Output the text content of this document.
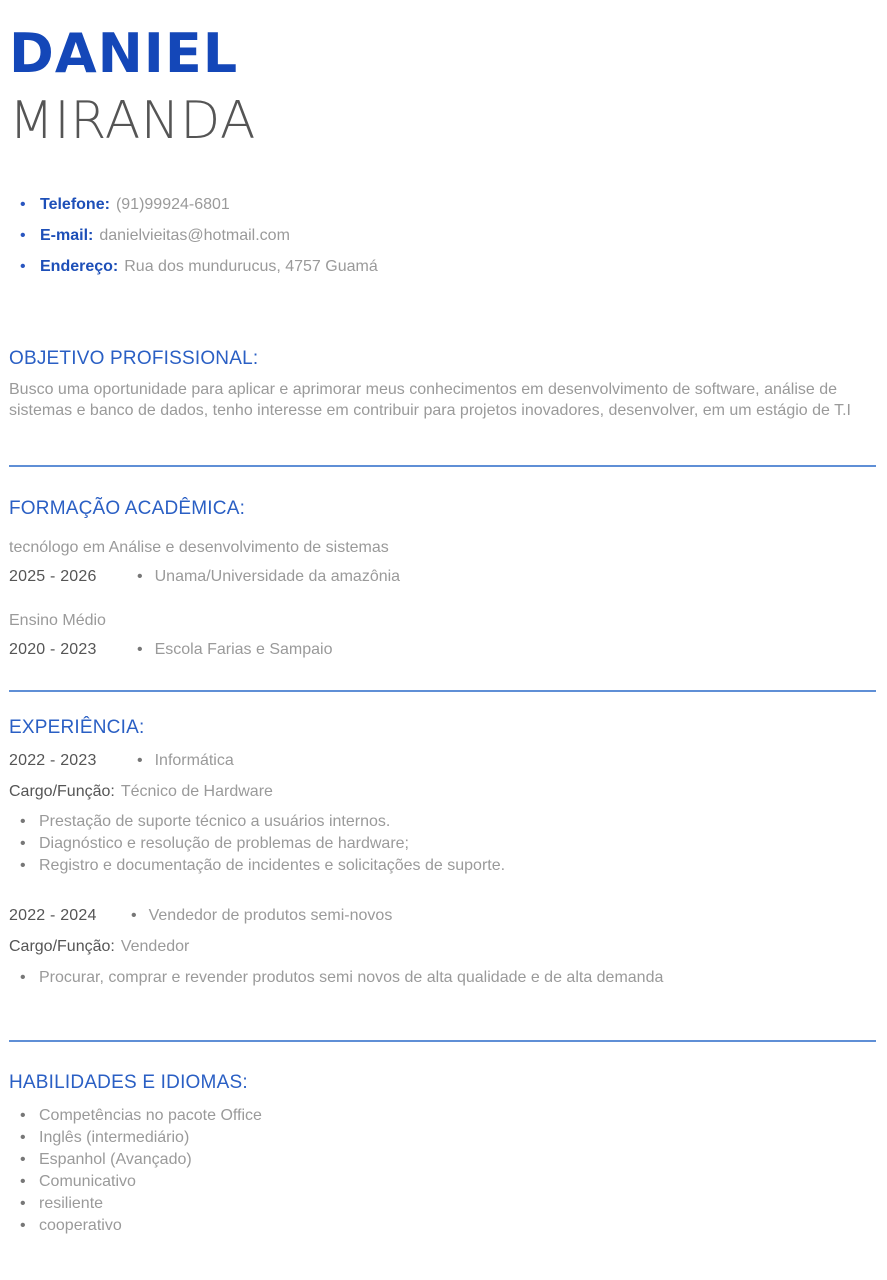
DANIEL
MIRANDA
• Telefone: (91)99924-6801
• E-mail: danielvieitas@hotmail.com
• Endereço: Rua dos mundurucus, 4757 Guamá
OBJETIVO PROFISSIONAL:

Busco uma oportunidade para aplicar e aprimorar meus conhecimentos em desenvolvimento de software, análise de sistemas e banco de dados, tenho interesse em contribuir para projetos inovadores, desenvolver, em um estágio de T.I

FORMAÇÃO ACADÊMICA:
tecnólogo em Análise e desenvolvimento de sistemas
2025 - 2026	• Unama/Universidade da amazônia
Ensino Médio
2020 - 2023	• Escola Farias e Sampaio
EXPERIÊNCIA:
2022 - 2023	• Informática
Cargo/Função: Técnico de Hardware
• Prestação de suporte técnico a usuários internos.
• Diagnóstico e resolução de problemas de hardware;
• Registro e documentação de incidentes e solicitações de suporte.
2022 - 2024 • Vendedor de produtos semi-novos
Cargo/Função: Vendedor
• Procurar, comprar e revender produtos semi novos de alta qualidade e de alta demanda
HABILIDADES E IDIOMAS:
• Competências no pacote Office
• Inglês (intermediário)
• Espanhol (Avançado)
• Comunicativo
• resiliente
• cooperativo
